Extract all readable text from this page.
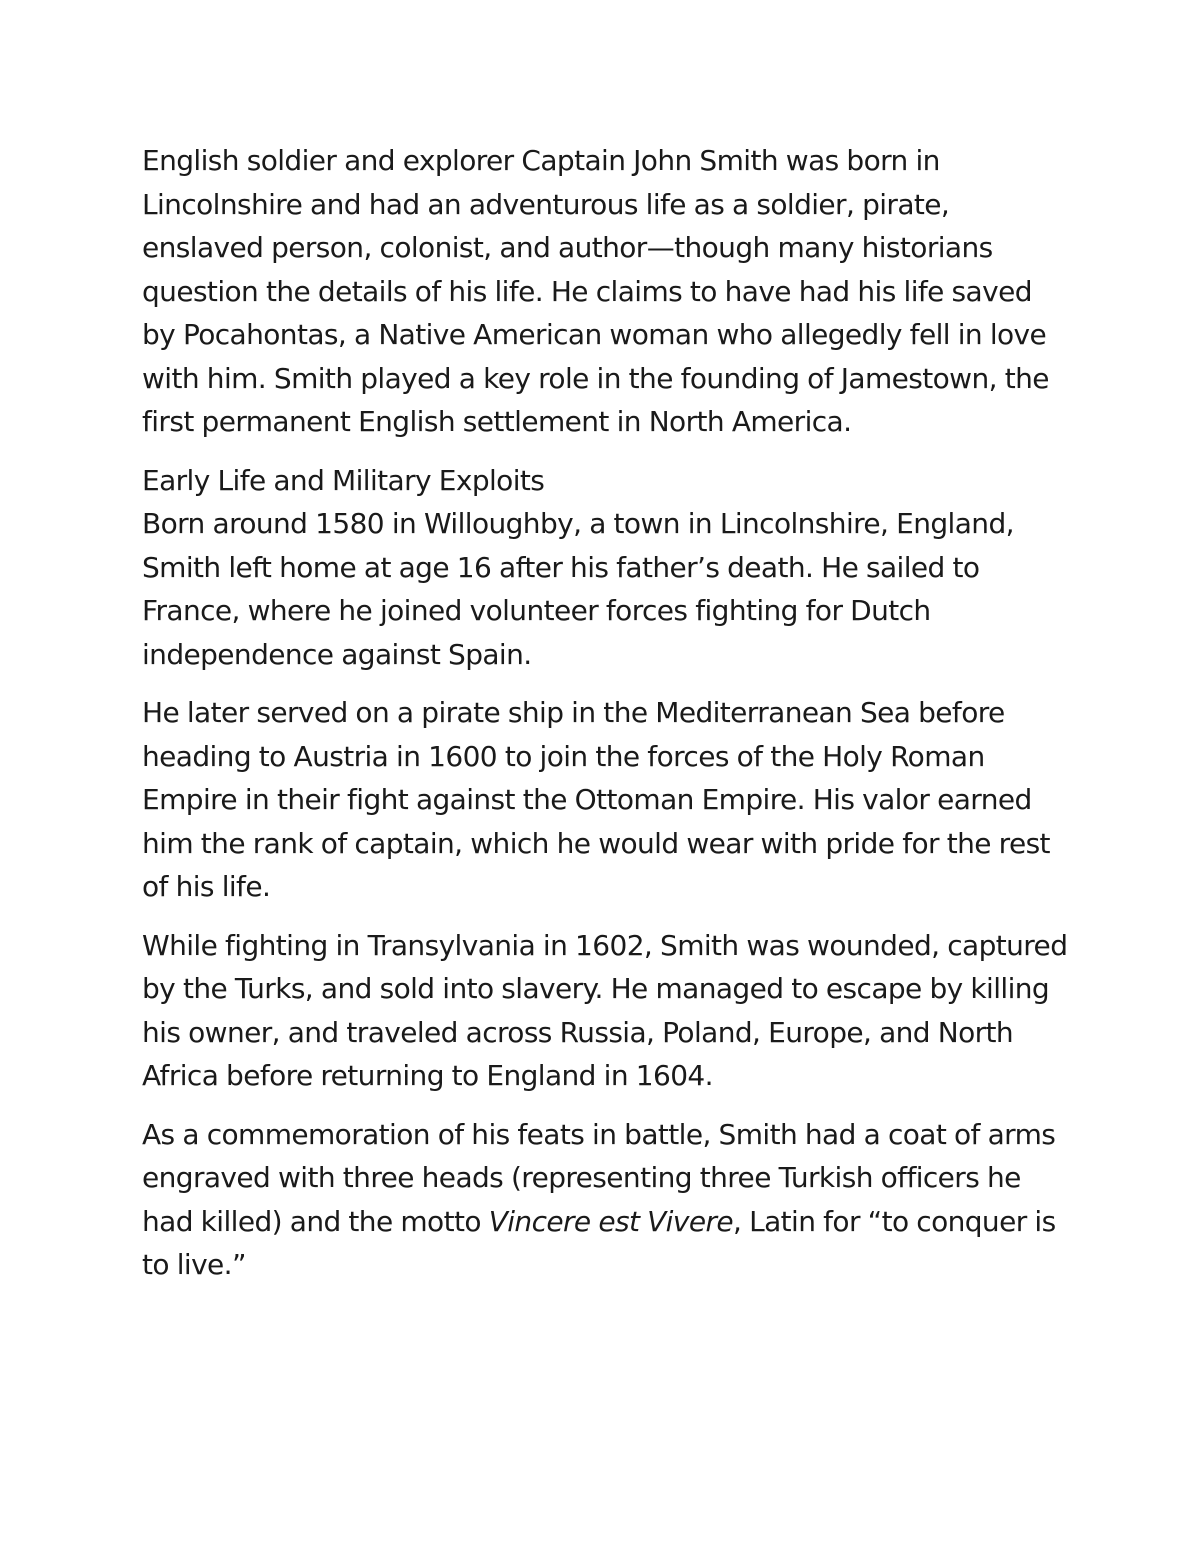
English soldier and explorer Captain John Smith was born in Lincolnshire and had an adventurous life as a soldier, pirate, enslaved person, colonist, and author—though many historians question the details of his life. He claims to have had his life saved by Pocahontas, a Native American woman who allegedly fell in love with him. Smith played a key role in the founding of Jamestown, the first permanent English settlement in North America.

Early Life and Military Exploits

Born around 1580 in Willoughby, a town in Lincolnshire, England, Smith left home at age 16 after his father’s death. He sailed to France, where he joined volunteer forces fighting for Dutch independence against Spain.

He later served on a pirate ship in the Mediterranean Sea before heading to Austria in 1600 to join the forces of the Holy Roman Empire in their fight against the Ottoman Empire. His valor earned him the rank of captain, which he would wear with pride for the rest of his life.

While fighting in Transylvania in 1602, Smith was wounded, captured by the Turks, and sold into slavery. He managed to escape by killing his owner, and traveled across Russia, Poland, Europe, and North Africa before returning to England in 1604.

As a commemoration of his feats in battle, Smith had a coat of arms engraved with three heads (representing three Turkish officers he had killed) and the motto Vincere est Vivere, Latin for “to conquer is to live.”
